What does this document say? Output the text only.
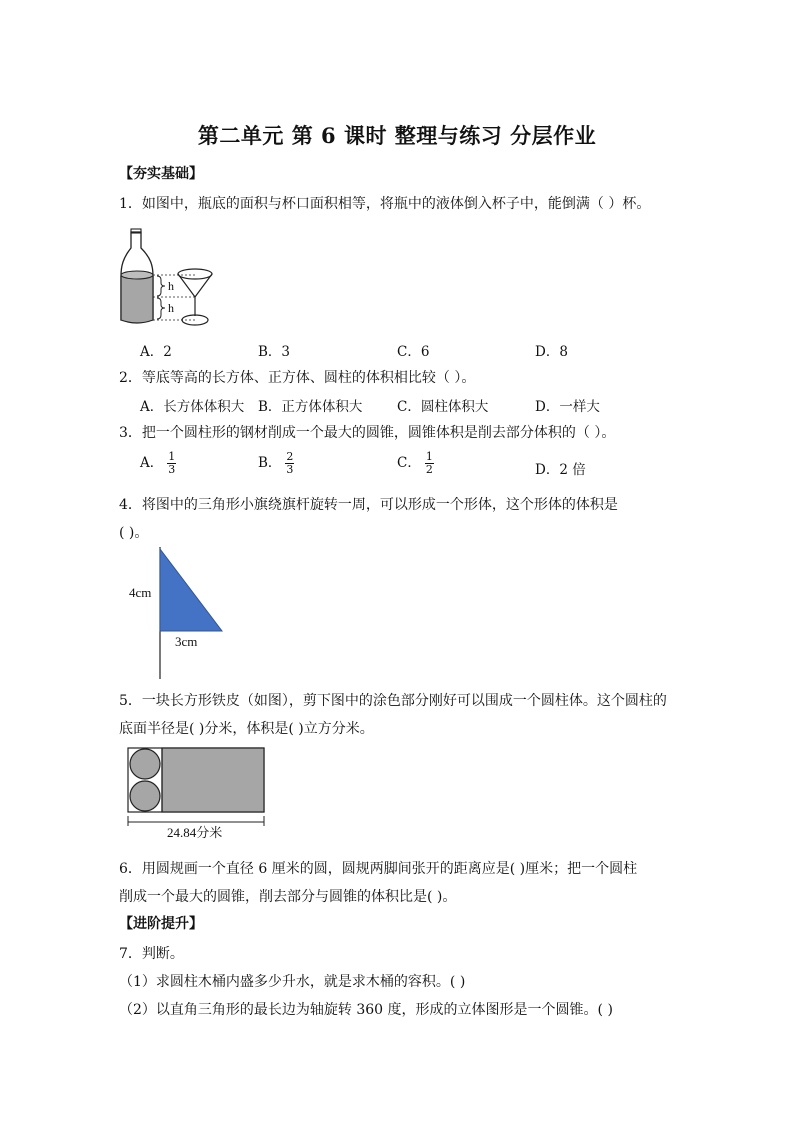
第二单元 第 6 课时 整理与练习 分层作业
【夯实基础】
1．如图中，瓶底的面积与杯口面积相等，将瓶中的液体倒入杯子中，能倒满（ ）杯。
h
h
A．2	B．3	C．6	D．8
2．等底等高的长方体、正方体、圆柱的体积相比较（ ）。
A．长方体体积大 B．正方体体积大	C．圆柱体积大	D．一样大
3．把一个圆柱形的钢材削成一个最大的圆锥，圆锥体积是削去部分体积的（ ）。
A． $\frac{1}{3}$	B． $\frac{2}{3}$	C． $\frac{1}{2}$	D．2 倍
4．将图中的三角形小旗绕旗杆旋转一周，可以形成一个形体，这个形体的体积是
( )。
4cm
3cm
5．一块长方形铁皮（如图），剪下图中的涂色部分刚好可以围成一个圆柱体。这个圆柱的
底面半径是( )分米，体积是( )立方分米。
24.84分米
6．用圆规画一个直径 6 厘米的圆，圆规两脚间张开的距离应是( )厘米；把一个圆柱
削成一个最大的圆锥，削去部分与圆锥的体积比是( )。
【进阶提升】
7．判断。
（1）求圆柱木桶内盛多少升水，就是求木桶的容积。( )
（2）以直角三角形的最长边为轴旋转 360 度，形成的立体图形是一个圆锥。( )
